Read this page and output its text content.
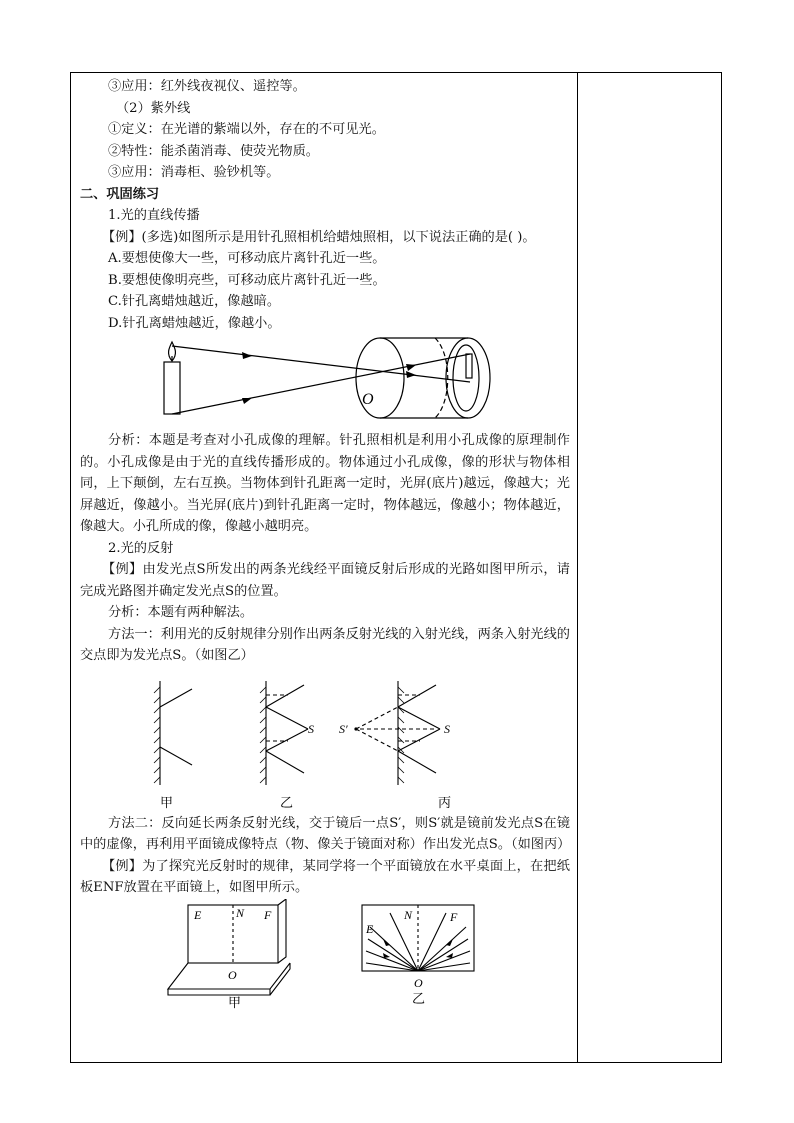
③应用：红外线夜视仪、遥控等。
（2）紫外线
①定义：在光谱的紫端以外，存在的不可见光。
②特性：能杀菌消毒、使荧光物质。
③应用：消毒柜、验钞机等。
二、巩固练习
1.光的直线传播
【例】(多选)如图所示是用针孔照相机给蜡烛照相，以下说法正确的是( )。
A.要想使像大一些，可移动底片离针孔近一些。
B.要想使像明亮些，可移动底片离针孔近一些。
C.针孔离蜡烛越近，像越暗。
D.针孔离蜡烛越近，像越小。
O
分析：本题是考查对小孔成像的理解。针孔照相机是利用小孔成像的原理制作的。小孔成像是由于光的直线传播形成的。物体通过小孔成像，像的形状与物体相同，上下颠倒，左右互换。当物体到针孔距离一定时，光屏(底片)越远，像越大；光屏越近，像越小。当光屏(底片)到针孔距离一定时，物体越远，像越小；物体越近，像越大。小孔所成的像，像越小越明亮。
2.光的反射
【例】由发光点S所发出的两条光线经平面镜反射后形成的光路如图甲所示，请完成光路图并确定发光点S的位置。
分析：本题有两种解法。
方法一：利用光的反射规律分别作出两条反射光线的入射光线，两条入射光线的交点即为发光点S。（如图乙）
S	S
S′
甲	乙	丙
方法二：反向延长两条反射光线，交于镜后一点S′，则S′就是镜前发光点S在镜中的虚像，再利用平面镜成像特点（物、像关于镜面对称）作出发光点S。（如图丙）
【例】为了探究光反射时的规律，某同学将一个平面镜放在水平桌面上，在把纸板ENF放置在平面镜上，如图甲所示。
E	N F
O
甲
E
N	F
O
乙
